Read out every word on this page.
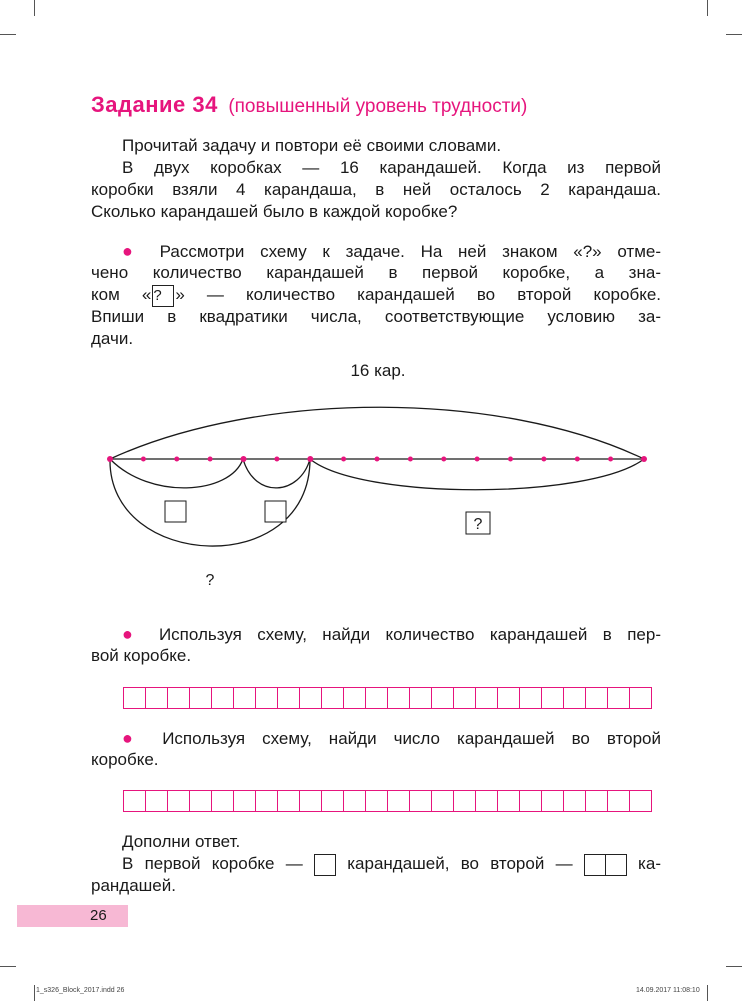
Задание 34 (повышенный уровень трудности)
Прочитай задачу и повтори её своими словами.
В двух коробках — 16 карандашей. Когда из первой
коробки взяли 4 карандаша, в ней осталось 2 карандаша.
Сколько карандашей было в каждой коробке?
● Рассмотри схему к задаче. На ней знаком «?» отме-
чено количество карандашей в первой коробке, а зна-
ком « ? » — количество карандашей во второй коробке.
Впиши в квадратики числа, соответствующие условию за-
дачи.
16 кар.
?
?
● Используя схему, найди количество карандашей в пер-
вой коробке.
● Используя схему, найди число карандашей во второй
коробке.
Дополни ответ.
В первой коробке —	карандашей, во второй —	ка-
рандашей.
26
1_s326_Block_2017.indd 26	14.09.2017 11:08:10
